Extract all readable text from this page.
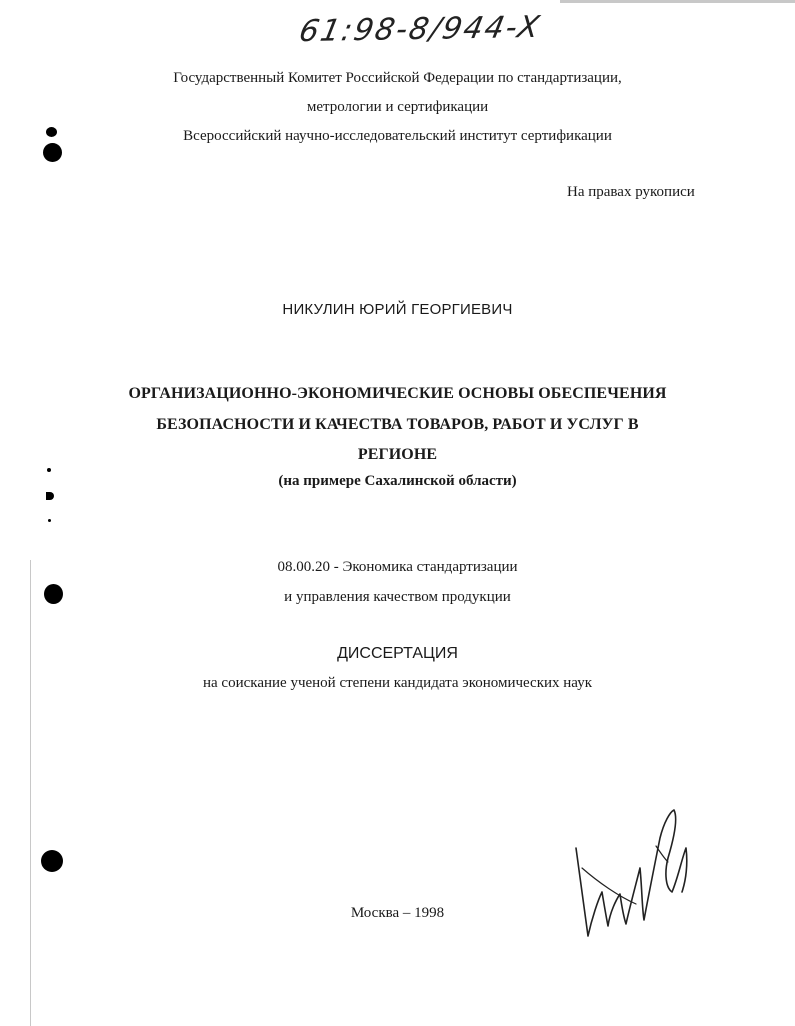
61:98-8/944-X
Государственный Комитет Российской Федерации по стандартизации,
метрологии и сертификации
Всероссийский научно-исследовательский институт сертификации
На правах рукописи
НИКУЛИН ЮРИЙ ГЕОРГИЕВИЧ
ОРГАНИЗАЦИОННО-ЭКОНОМИЧЕСКИЕ ОСНОВЫ ОБЕСПЕЧЕНИЯ
БЕЗОПАСНОСТИ И КАЧЕСТВА ТОВАРОВ, РАБОТ И УСЛУГ В
РЕГИОНЕ
(на примере Сахалинской области)
08.00.20 - Экономика стандартизации
и управления качеством продукции
ДИССЕРТАЦИЯ
на соискание ученой степени кандидата экономических наук
Москва – 1998
